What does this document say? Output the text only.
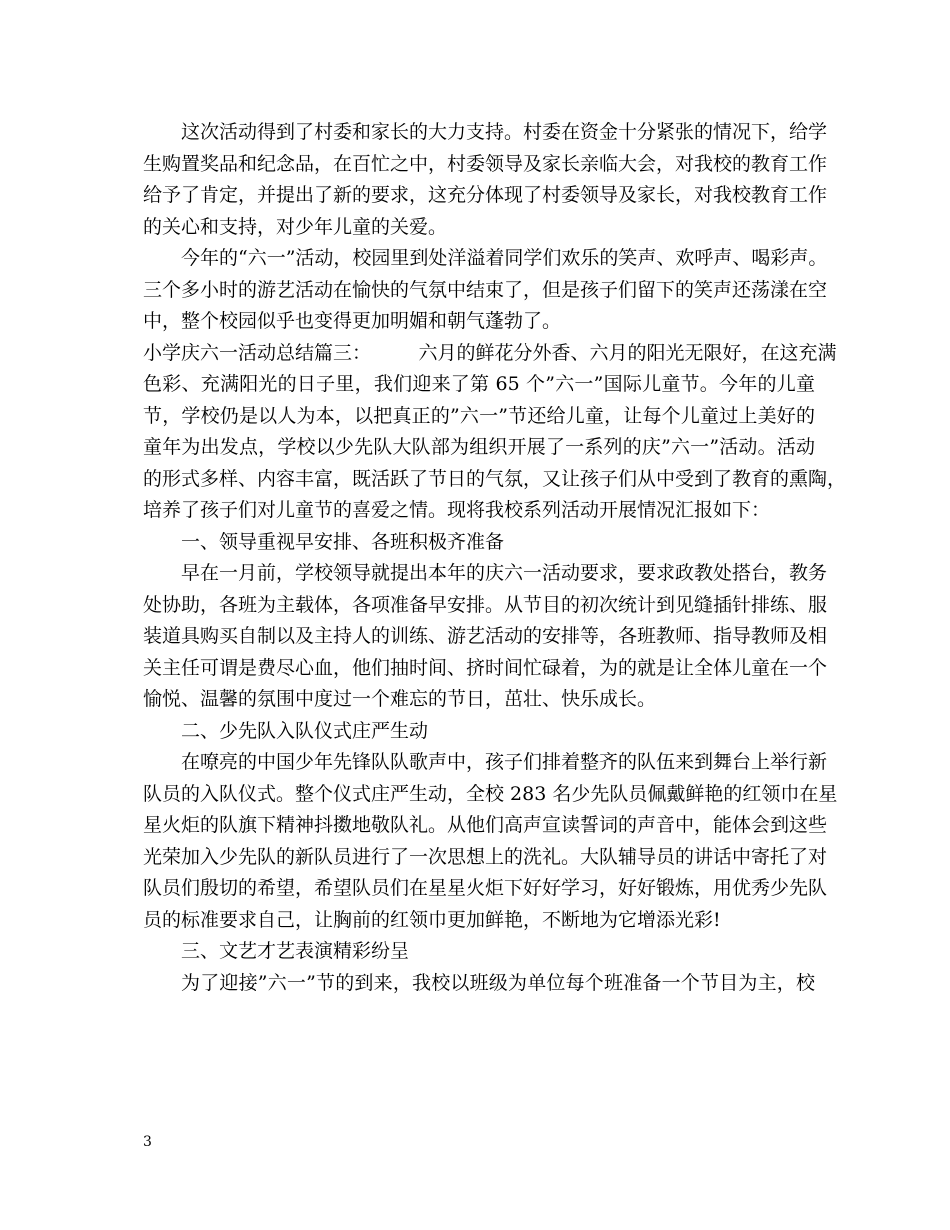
这次活动得到了村委和家长的大力支持。村委在资金十分紧张的情况下，给学
生购置奖品和纪念品，在百忙之中，村委领导及家长亲临大会，对我校的教育工作
给予了肯定，并提出了新的要求，这充分体现了村委领导及家长，对我校教育工作
的关心和支持，对少年儿童的关爱。
今年的“六一”活动，校园里到处洋溢着同学们欢乐的笑声、欢呼声、喝彩声。
三个多小时的游艺活动在愉快的气氛中结束了，但是孩子们留下的笑声还荡漾在空
中，整个校园似乎也变得更加明媚和朝气蓬勃了。
小学庆六一活动总结篇三：　　　六月的鲜花分外香、六月的阳光无限好，在这充满
色彩、充满阳光的日子里，我们迎来了第 65 个”六一”国际儿童节。今年的儿童
节，学校仍是以人为本，以把真正的”六一”节还给儿童，让每个儿童过上美好的
童年为出发点，学校以少先队大队部为组织开展了一系列的庆”六一”活动。活动
的形式多样、内容丰富，既活跃了节日的气氛，又让孩子们从中受到了教育的熏陶，
培养了孩子们对儿童节的喜爱之情。现将我校系列活动开展情况汇报如下：
一、领导重视早安排、各班积极齐准备
早在一月前，学校领导就提出本年的庆六一活动要求，要求政教处搭台，教务
处协助，各班为主载体，各项准备早安排。从节目的初次统计到见缝插针排练、服
装道具购买自制以及主持人的训练、游艺活动的安排等，各班教师、指导教师及相
关主任可谓是费尽心血，他们抽时间、挤时间忙碌着，为的就是让全体儿童在一个
愉悦、温馨的氛围中度过一个难忘的节日，茁壮、快乐成长。
二、少先队入队仪式庄严生动
在嘹亮的中国少年先锋队队歌声中，孩子们排着整齐的队伍来到舞台上举行新
队员的入队仪式。整个仪式庄严生动，全校 283 名少先队员佩戴鲜艳的红领巾在星
星火炬的队旗下精神抖擞地敬队礼。从他们高声宣读誓词的声音中，能体会到这些
光荣加入少先队的新队员进行了一次思想上的洗礼。大队辅导员的讲话中寄托了对
队员们殷切的希望，希望队员们在星星火炬下好好学习，好好锻炼，用优秀少先队
员的标准要求自己，让胸前的红领巾更加鲜艳，不断地为它增添光彩!
三、文艺才艺表演精彩纷呈
为了迎接”六一”节的到来，我校以班级为单位每个班准备一个节目为主，校
3
